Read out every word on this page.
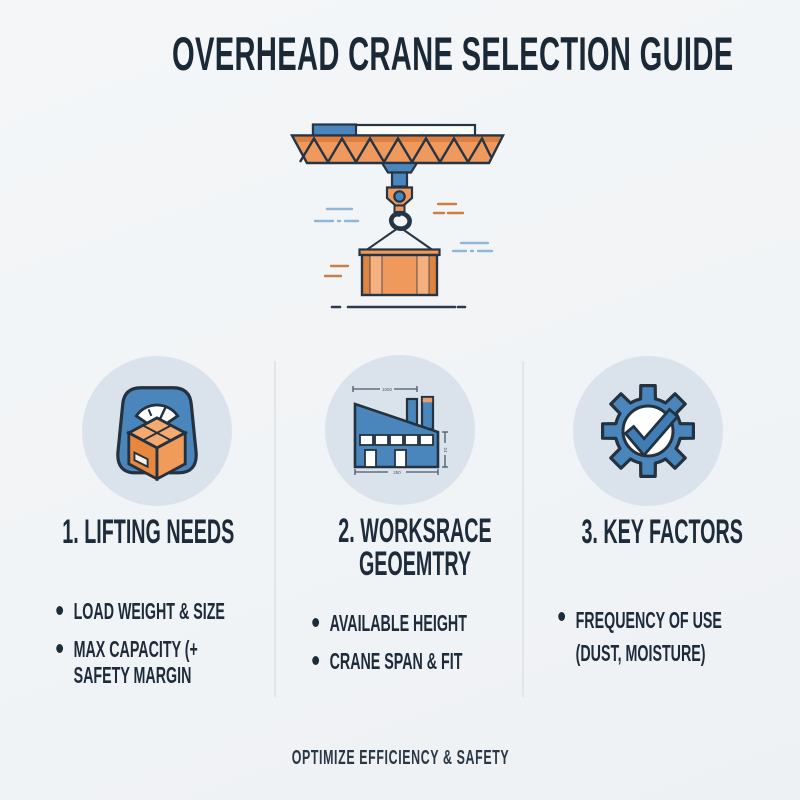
OVERHEAD CRANE SELECTION GUIDE
1. LIFTING NEEDS
LOAD WEIGHT & SIZE
MAX CAPACITY (+ SAFETY MARGIN
1000
24
250
2. WORKSRACE GEOEMTRY
AVAILABLE HEIGHT
CRANE SPAN & FIT
3. KEY FACTORS
FREQUENCY OF USE (DUST, MOISTURE)
OPTIMIZE EFFICIENCY & SAFETY
